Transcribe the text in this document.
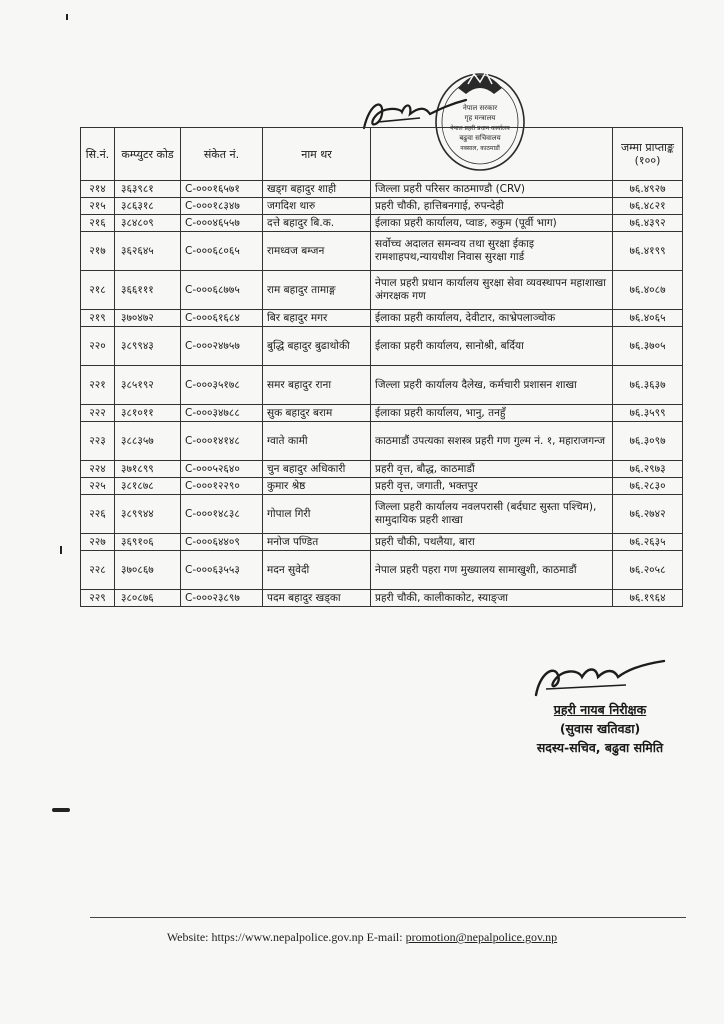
नेपाल सरकार
गृह मन्त्रालय
नेपाल प्रहरी प्रधान कार्यालय
बढुवा सचिवालय
नक्साल, काठमाडौं
सि.नं.	कम्प्युटर कोड	संकेत नं.	नाम थर		जम्मा प्राप्ताङ्क (१००)
२१४	३६३९८१	C-०००१६५७१	खड्ग बहादुर शाही	जिल्ला प्रहरी परिसर काठमाण्डौ (CRV)	७६.४९२७
२१५	३८६३१८	C-०००१८३४७	जगदिश थारु	प्रहरी चौकी, हात्तिबनगाई, रुपन्देही	७६.४८२१
२१६	३८४८०९	C-०००४६५५७	दत्ते बहादुर बि.क.	ईलाका प्रहरी कार्यालय, प्वाङ, रुकुम (पूर्वी भाग)	७६.४३९२
२१७	३६२६४५	C-०००६८०६५	रामध्वज बम्जन	सर्वोच्च अदालत समन्वय तथा सुरक्षा ईकाइ रामशाहपथ,न्यायधीश निवास सुरक्षा गार्ड	७६.४१९९
२१८	३६६१११	C-०००६८७७५	राम बहादुर तामाङ्ग	नेपाल प्रहरी प्रधान कार्यालय सुरक्षा सेवा व्यवस्थापन महाशाखा अंगरक्षक गण	७६.४०८७
२१९	३७०४७२	C-०००६१६८४	बिर बहादुर मगर	ईलाका प्रहरी कार्यालय, देवीटार, काभ्रेपलाञ्चोक	७६.४०६५
२२०	३८९९४३	C-०००२४७५७	बुद्धि बहादुर बुढाथोकी	ईलाका प्रहरी कार्यालय, सानोश्री, बर्दिया	७६.३७०५
२२१	३८५१९२	C-०००३५१७८	समर बहादुर राना	जिल्ला प्रहरी कार्यालय दैलेख, कर्मचारी प्रशासन शाखा	७६.३६३७
२२२	३८१०११	C-०००३४७८८	सुक बहादुर बराम	ईलाका प्रहरी कार्यालय, भानु, तनहुँ	७६.३५९९
२२३	३८८३५७	C-०००१४१४८	ग्वाते कामी	काठमाडौं उपत्यका सशस्त्र प्रहरी गण गुल्म नं. १, महाराजगन्ज	७६.३०९७
२२४	३७१८९९	C-०००५२६४०	चुन बहादुर अधिकारी	प्रहरी वृत्त, बौद्ध, काठमाडौं	७६.२९७३
२२५	३८१८७८	C-०००१२२९०	कुमार श्रेष्ठ	प्रहरी वृत्त, जगाती, भक्तपुर	७६.२८३०
२२६	३८९९४४	C-०००१४८३८	गोपाल गिरी	जिल्ला प्रहरी कार्यालय नवलपरासी (बर्दघाट सुस्ता पश्चिम), सामुदायिक प्रहरी शाखा	७६.२७४२
२२७	३६९१०६	C-०००६४४०९	मनोज पण्डित	प्रहरी चौकी, पथलैया, बारा	७६.२६३५
२२८	३७०८६७	C-०००६३५५३	मदन सुवेदी	नेपाल प्रहरी पहरा गण मुख्यालय सामाखुशी, काठमाडौं	७६.२०५८
२२९	३८०८७६	C-०००२३८९७	पदम बहादुर खड्का	प्रहरी चौकी, कालीकाकोट, स्याङ्जा	७६.१९६४
प्रहरी नायब निरीक्षक
(सुवास खतिवडा)
सदस्य-सचिव, बढुवा समिति
Website: https://www.nepalpolice.gov.np E-mail: promotion@nepalpolice.gov.np
